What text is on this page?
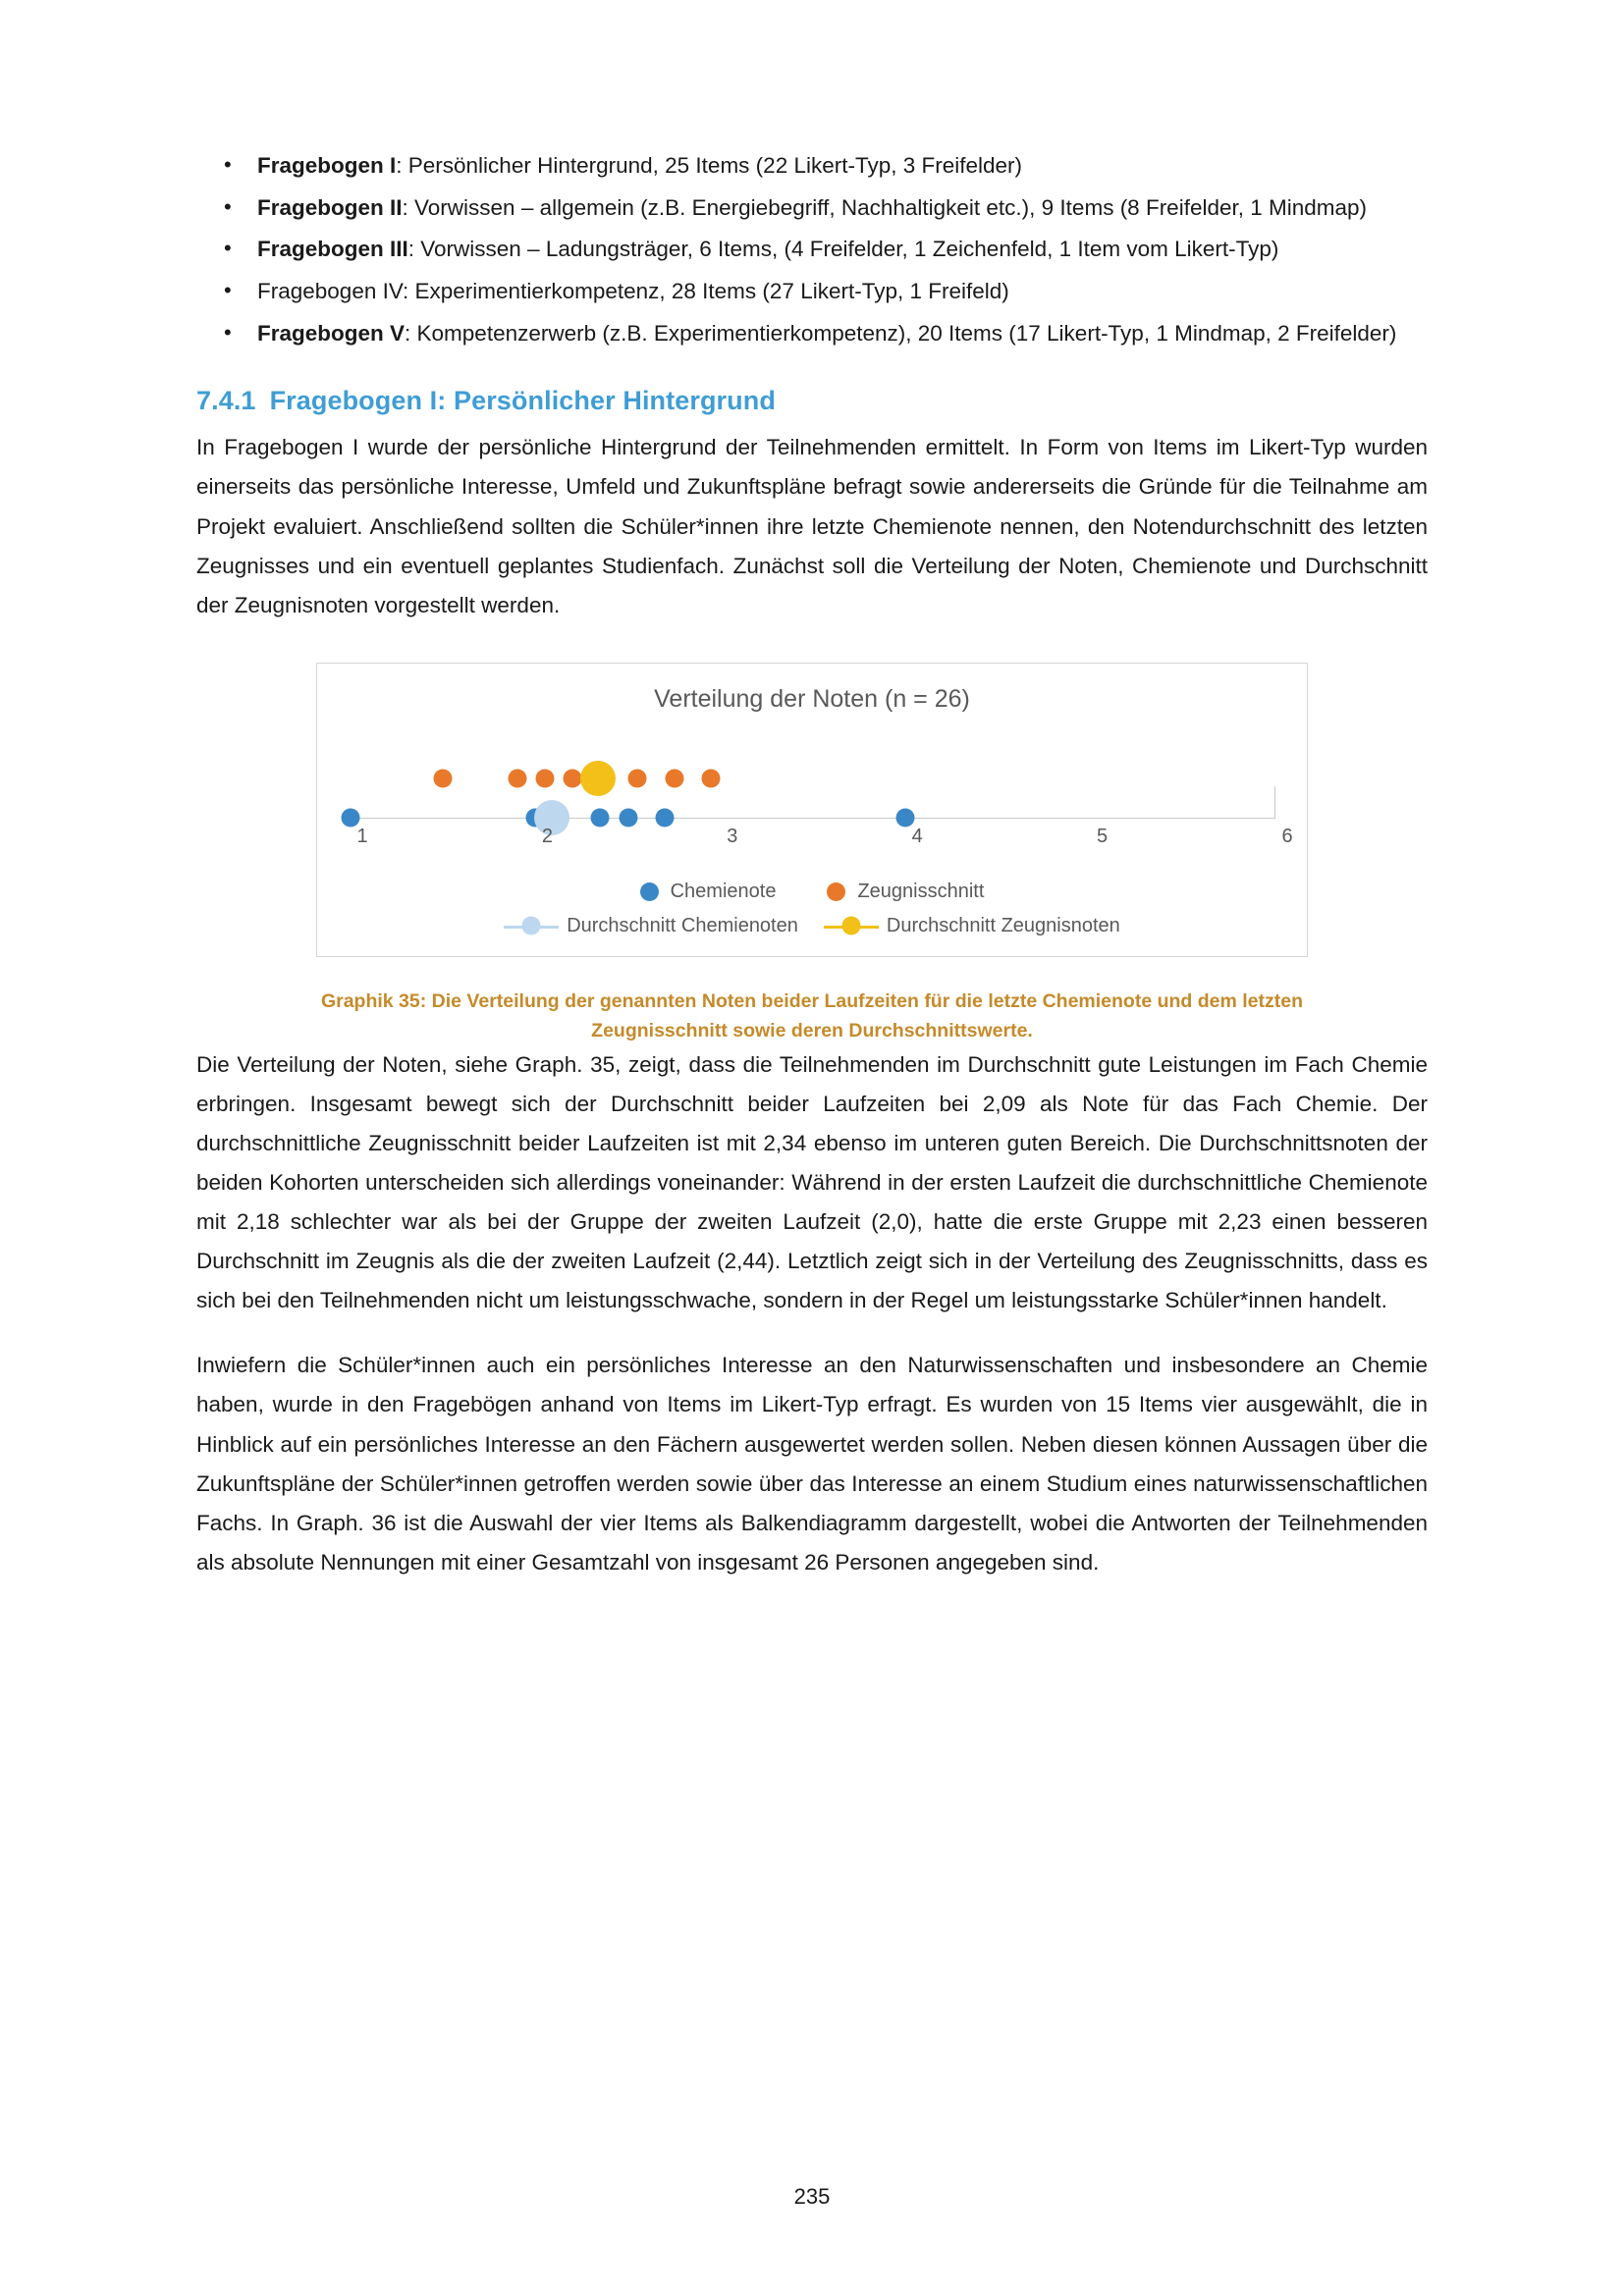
• Fragebogen I: Persönlicher Hintergrund, 25 Items (22 Likert-Typ, 3 Freifelder)
• Fragebogen II: Vorwissen – allgemein (z.B. Energiebegriff, Nachhaltigkeit etc.), 9 Items (8 Freifelder, 1 Mindmap)
• Fragebogen III: Vorwissen – Ladungsträger, 6 Items, (4 Freifelder, 1 Zeichenfeld, 1 Item vom Likert-Typ)
• Fragebogen IV: Experimentierkompetenz, 28 Items (27 Likert-Typ, 1 Freifeld)
• Fragebogen V: Kompetenzerwerb (z.B. Experimentierkompetenz), 20 Items (17 Likert-Typ, 1 Mindmap, 2 Freifelder)
7.4.1 Fragebogen I: Persönlicher Hintergrund

In Fragebogen I wurde der persönliche Hintergrund der Teilnehmenden ermittelt. In Form von Items im Likert-Typ wurden einerseits das persönliche Interesse, Umfeld und Zukunftspläne befragt sowie andererseits die Gründe für die Teilnahme am Projekt evaluiert. Anschließend sollten die Schüler*innen ihre letzte Chemienote nennen, den Notendurchschnitt des letzten Zeugnisses und ein eventuell geplantes Studienfach. Zunächst soll die Verteilung der Noten, Chemienote und Durchschnitt der Zeugnisnoten vorgestellt werden.

Verteilung der Noten (n = 26)
1	2	3	4	5	6
Chemienote	Zeugnisschnitt
Durchschnitt Chemienoten	Durchschnitt Zeugnisnoten
Graphik 35: Die Verteilung der genannten Noten beider Laufzeiten für die letzte Chemienote und dem letzten Zeugnisschnitt sowie deren Durchschnittswerte.

Die Verteilung der Noten, siehe Graph. 35, zeigt, dass die Teilnehmenden im Durchschnitt gute Leistungen im Fach Chemie erbringen. Insgesamt bewegt sich der Durchschnitt beider Laufzeiten bei 2,09 als Note für das Fach Chemie. Der durchschnittliche Zeugnisschnitt beider Laufzeiten ist mit 2,34 ebenso im unteren guten Bereich. Die Durchschnittsnoten der beiden Kohorten unterscheiden sich allerdings voneinander: Während in der ersten Laufzeit die durchschnittliche Chemienote mit 2,18 schlechter war als bei der Gruppe der zweiten Laufzeit (2,0), hatte die erste Gruppe mit 2,23 einen besseren Durchschnitt im Zeugnis als die der zweiten Laufzeit (2,44). Letztlich zeigt sich in der Verteilung des Zeugnisschnitts, dass es sich bei den Teilnehmenden nicht um leistungsschwache, sondern in der Regel um leistungsstarke Schüler*innen handelt.

Inwiefern die Schüler*innen auch ein persönliches Interesse an den Naturwissenschaften und insbesondere an Chemie haben, wurde in den Fragebögen anhand von Items im Likert-Typ erfragt. Es wurden von 15 Items vier ausgewählt, die in Hinblick auf ein persönliches Interesse an den Fächern ausgewertet werden sollen. Neben diesen können Aussagen über die Zukunftspläne der Schüler*innen getroffen werden sowie über das Interesse an einem Studium eines naturwissenschaftlichen Fachs. In Graph. 36 ist die Auswahl der vier Items als Balkendiagramm dargestellt, wobei die Antworten der Teilnehmenden als absolute Nennungen mit einer Gesamtzahl von insgesamt 26 Personen angegeben sind.

235
